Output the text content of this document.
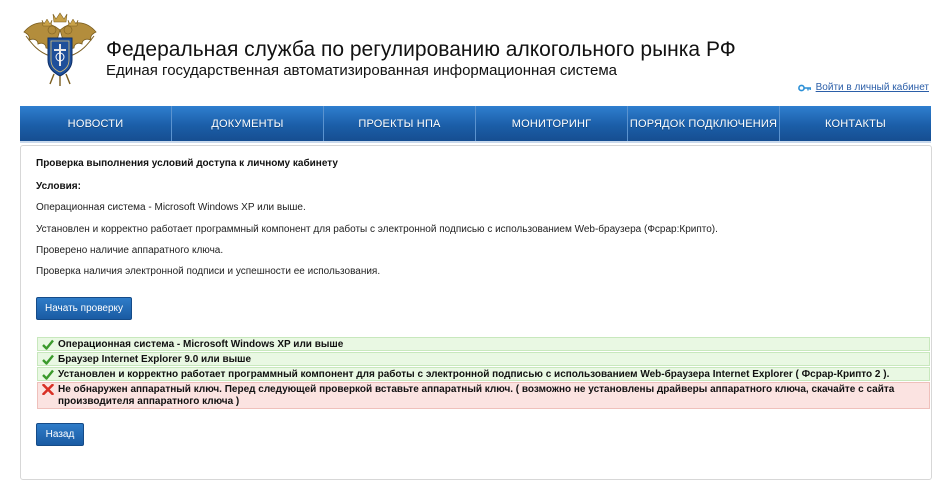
Федеральная служба по регулированию алкогольного рынка РФ
Единая государственная автоматизированная информационная система
Войти в личный кабинет
НОВОСТИ	ДОКУМЕНТЫ	ПРОЕКТЫ НПА	МОНИТОРИНГ	ПОРЯДОК ПОДКЛЮЧЕНИЯ	КОНТАКТЫ
Проверка выполнения условий доступа к личному кабинету
Условия:
Операционная система - Microsoft Windows XP или выше.
Установлен и корректно работает программный компонент для работы с электронной подписью с использованием Web-браузера (Фсрар:Крипто).
Проверено наличие аппаратного ключа.
Проверка наличия электронной подписи и успешности ее использования.
Начать проверку
Операционная система - Microsoft Windows XP или выше
Браузер Internet Explorer 9.0 или выше
Установлен и корректно работает программный компонент для работы с электронной подписью с использованием Web-браузера Internet Explorer ( Фсрар-Крипто 2 ).
Не обнаружен аппаратный ключ. Перед следующей проверкой вставьте аппаратный ключ. ( возможно не установлены драйверы аппаратного ключа, скачайте с сайта производителя аппаратного ключа )
Назад
